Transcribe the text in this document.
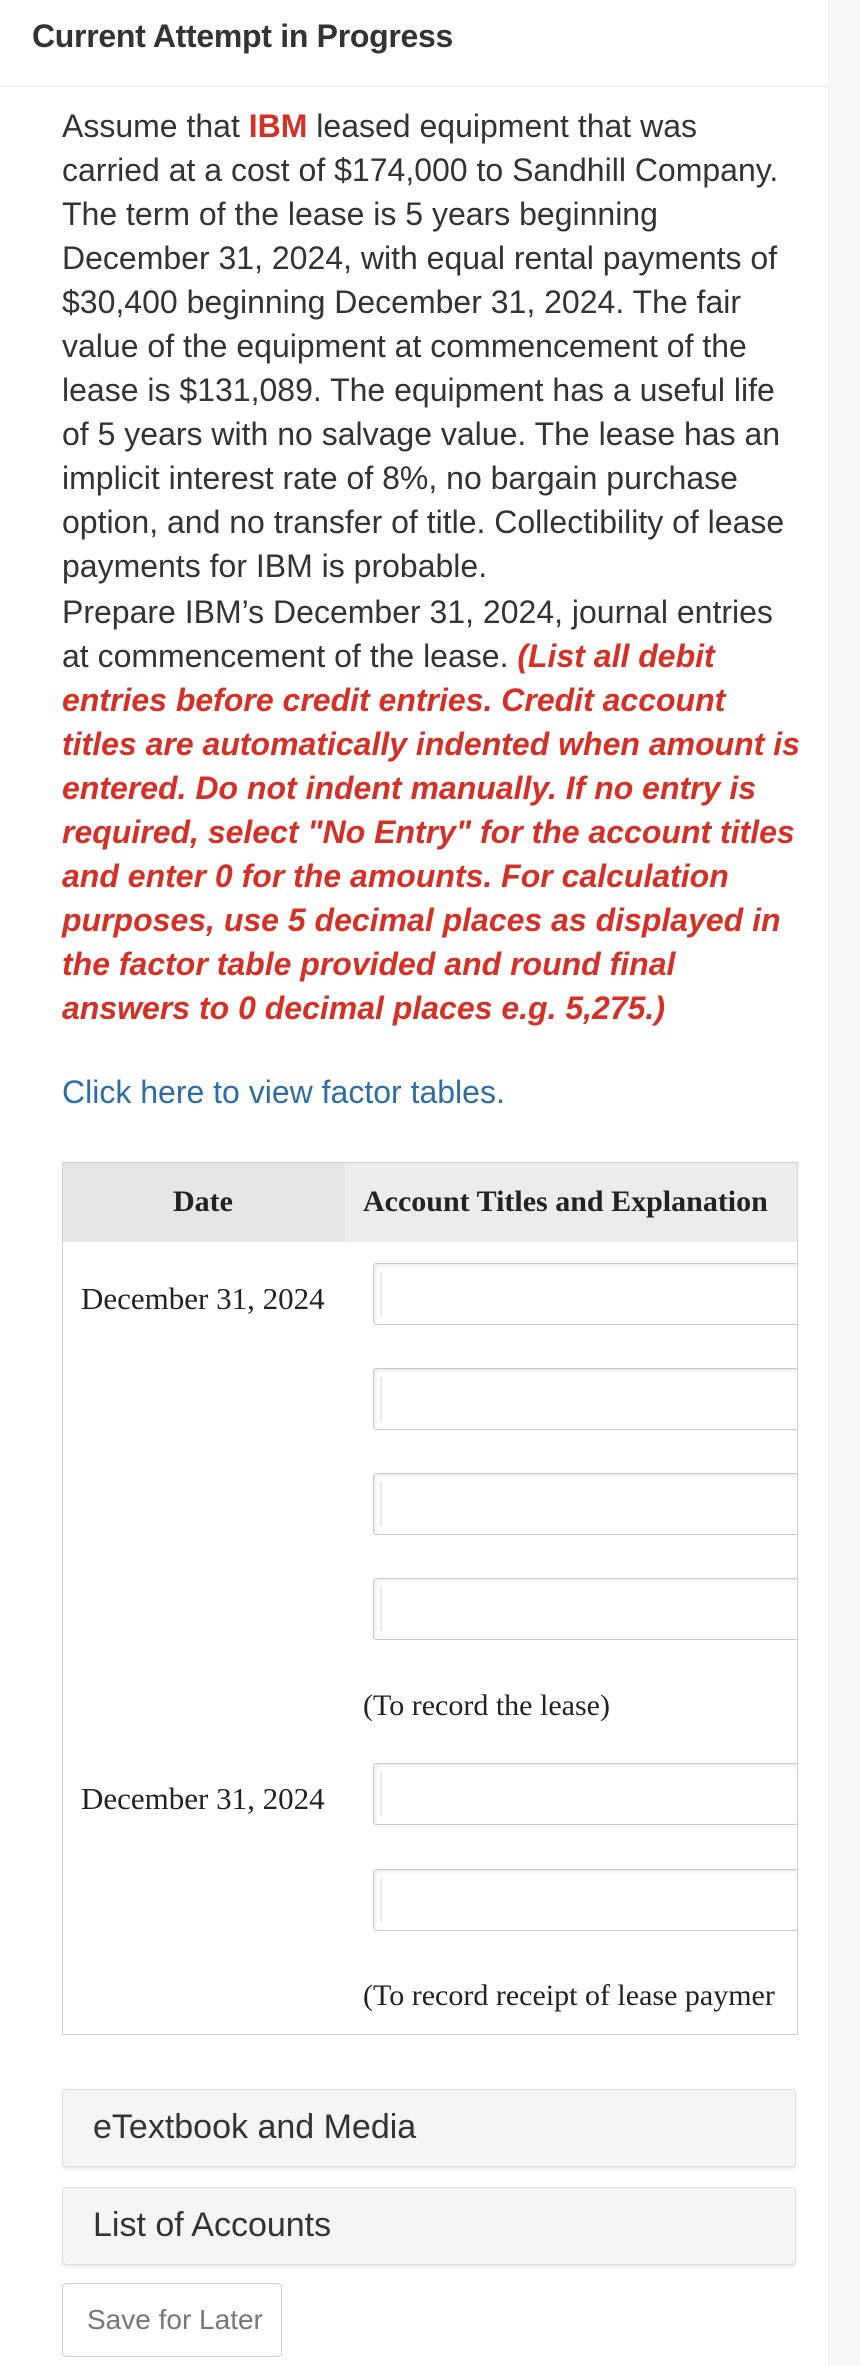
Current Attempt in Progress

Assume that IBM leased equipment that was carried at a cost of $174,000 to Sandhill Company. The term of the lease is 5 years beginning December 31, 2024, with equal rental payments of $30,400 beginning December 31, 2024. The fair value of the equipment at commencement of the lease is $131,089. The equipment has a useful life of 5 years with no salvage value. The lease has an implicit interest rate of 8%, no bargain purchase option, and no transfer of title. Collectibility of lease payments for IBM is probable.

Prepare IBM’s December 31, 2024, journal entries at commencement of the lease. (List all debit entries before credit entries. Credit account titles are automatically indented when amount is entered. Do not indent manually. If no entry is required, select "No Entry" for the account titles and enter 0 for the amounts. For calculation purposes, use 5 decimal places as displayed in the factor table provided and round final answers to 0 decimal places e.g. 5,275.)
Click here to view factor tables.
Date	Account Titles and Explanation
December 31, 2024
(To record the lease)
December 31, 2024
(To record receipt of lease paymer
eTextbook and Media
List of Accounts
Save for Later
